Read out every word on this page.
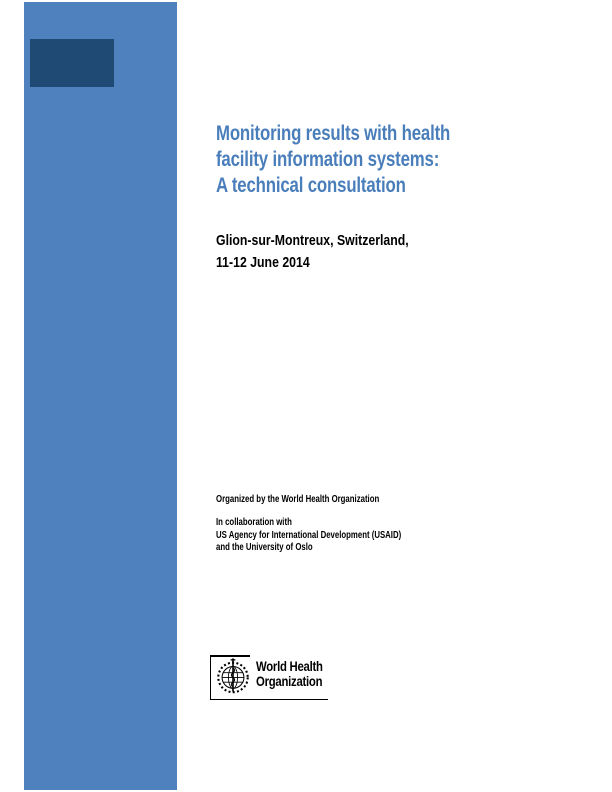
Monitoring results with health
facility information systems:
A technical consultation
Glion-sur-Montreux, Switzerland,
11-12 June 2014

Organized by the World Health Organization

In collaboration with
US Agency for International Development (USAID)
and the University of Oslo
World Health
Organization
